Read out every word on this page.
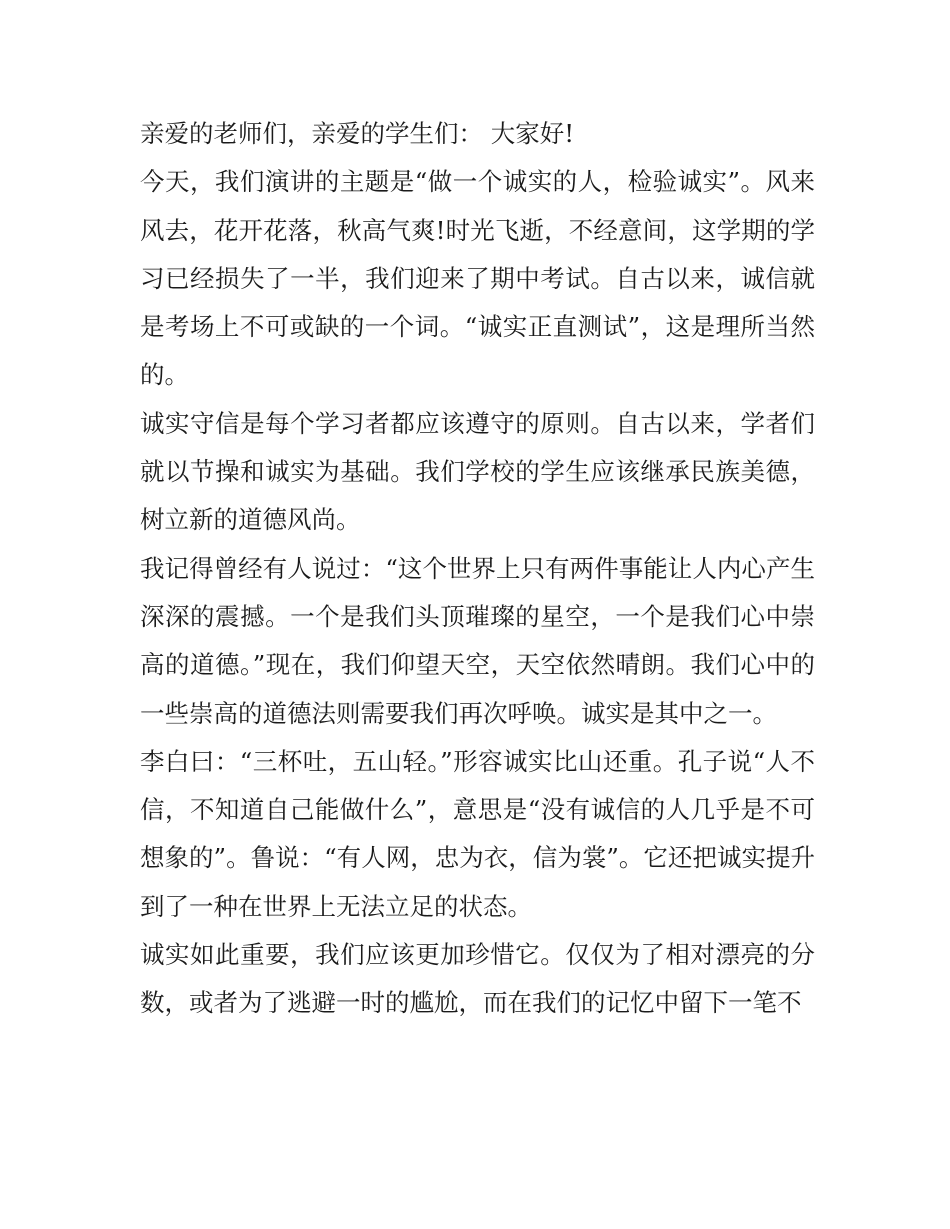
亲爱的老师们，亲爱的学生们： 大家好!

今天，我们演讲的主题是“做一个诚实的人，检验诚实”。风来风去，花开花落，秋高气爽!时光飞逝，不经意间，这学期的学习已经损失了一半，我们迎来了期中考试。自古以来，诚信就是考场上不可或缺的一个词。“诚实正直测试”，这是理所当然的。

诚实守信是每个学习者都应该遵守的原则。自古以来，学者们就以节操和诚实为基础。我们学校的学生应该继承民族美德，树立新的道德风尚。

我记得曾经有人说过：“这个世界上只有两件事能让人内心产生深深的震撼。一个是我们头顶璀璨的星空，一个是我们心中崇高的道德。”现在，我们仰望天空，天空依然晴朗。我们心中的一些崇高的道德法则需要我们再次呼唤。诚实是其中之一。

李白曰：“三杯吐，五山轻。”形容诚实比山还重。孔子说“人不信，不知道自己能做什么”，意思是“没有诚信的人几乎是不可想象的”。鲁说：“有人网，忠为衣，信为裳”。它还把诚实提升到了一种在世界上无法立足的状态。

诚实如此重要，我们应该更加珍惜它。仅仅为了相对漂亮的分数，或者为了逃避一时的尴尬，而在我们的记忆中留下一笔不
